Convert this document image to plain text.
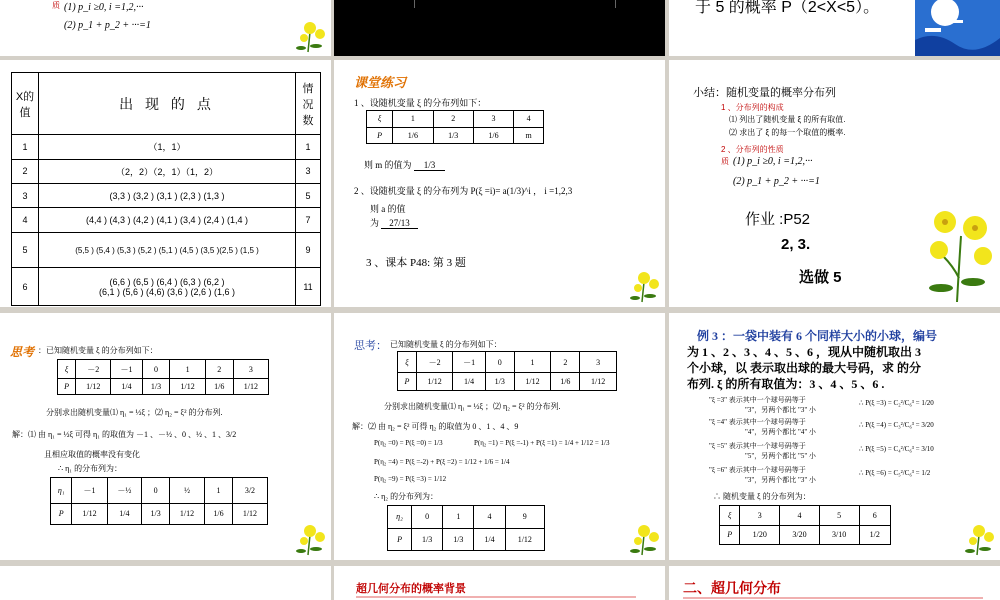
质 (1) p_i ≥0, i =1,2,···
(2) p_1 + p_2 + ···=1
于 5 的概率 P（2<X<5）。
X的值	出 现 的 点	情况数
1	（1，1）	1
2	（2，2）（2，1）（1，2）	3
3	(3,3 ) (3,2 ) (3,1 ) (2,3 ) (1,3 )	5
4	(4,4 ) (4,3 ) (4,2 ) (4,1 ) (3,4 ) (2,4 ) (1,4 )	7
5	(5,5 ) (5,4 ) (5,3 ) (5,2 ) (5,1 ) (4,5 ) (3,5 )(2,5 ) (1,5 )	9
6	(6,6 ) (6,5 ) (6,4 ) (6,3 ) (6,2 )
(6,1 ) (5,6 ) (4,6) (3,6 ) (2,6 ) (1,6 )	11
课堂练习
1 、设随机变量 ξ 的分布列如下：
ξ	1	2	3	4
P	1/6	1/3	1/6	m
则 m 的值为 1/3
2 、设随机变量 ξ 的分布列为 P(ξ =i)= a(1/3)^i ， i =1,2,3
则 a 的值
为 27/13
3 、课本 P48: 第 3 题
小结：随机变量的概率分布列
1 、分布列的构成
⑴ 列出了随机变量 ξ 的所有取值.
⑵ 求出了 ξ 的每一个取值的概率.
2 、分布列的性质
质 (1) p_i ≥0, i =1,2,···
(2) p_1 + p_2 + ···=1
作业 :P52
2, 3.
选做 5
思考 ：已知随机变量 ξ 的分布列如下：
ξ	－2	－1	0	1	2	3
P	1/12	1/4	1/3	1/12	1/6	1/12
分别求出随机变量⑴ η₁ = ½ξ ；⑵ η₂ = ξ² 的分布列.
解：⑴ 由 η₁ = ½ξ 可得 η₁ 的取值为 －1 、－½ 、0 、½ 、1 、3/2
且相应取值的概率没有变化
∴ η₁ 的分布列为：
η₁	－1	－½	0	½	1	3/2
P	1/12	1/4	1/3	1/12	1/6	1/12
思考： 已知随机变量 ξ 的分布列如下：
ξ	－2	－1	0	1	2	3
P	1/12	1/4	1/3	1/12	1/6	1/12
分别求出随机变量⑴ η₁ = ½ξ ；⑵ η₂ = ξ² 的分布列.
解：⑵ 由 η₂ = ξ² 可得 η₂ 的取值为 0 、1 、4 、9
P(η₂ =0) = P(ξ =0) = 1/3	P(η₂ =1) = P(ξ =-1) + P(ξ =1) = 1/4 + 1/12 = 1/3
P(η₂ =4) = P(ξ =-2) + P(ξ =2) = 1/12 + 1/6 = 1/4
P(η₂ =9) = P(ξ =3) = 1/12
∴ η₂ 的分布列为：
η₂	0	1	4	9
P	1/3	1/3	1/4	1/12
例 3 ：一袋中装有 6 个同样大小的小球，编号
为 1 、2 、3 、4 、5 、6 ，现从中随机取出 3
个小球，以 表示取出球的最大号码，求 的分
布列. ξ 的所有取值为：3 、4 、5 、6 .
"ξ =3" 表示其中一个球号码等于
"3"，另两个都比 "3" 小
∴ P(ξ =3) = C₂²/C₆³ = 1/20
"ξ =4" 表示其中一个球号码等于
"4"，另两个都比 "4" 小
∴ P(ξ =4) = C₃²/C₆³ = 3/20
"ξ =5" 表示其中一个球号码等于
"5"，另两个都比 "5" 小
∴ P(ξ =5) = C₄²/C₆³ = 3/10
"ξ =6" 表示其中一个球号码等于
"3"，另两个都比 "3" 小
∴ P(ξ =6) = C₅²/C₆³ = 1/2
∴ 随机变量 ξ 的分布列为：
ξ	3	4	5	6
P	1/20	3/20	3/10	1/2
超几何分布的概率背景	二、超几何分布
